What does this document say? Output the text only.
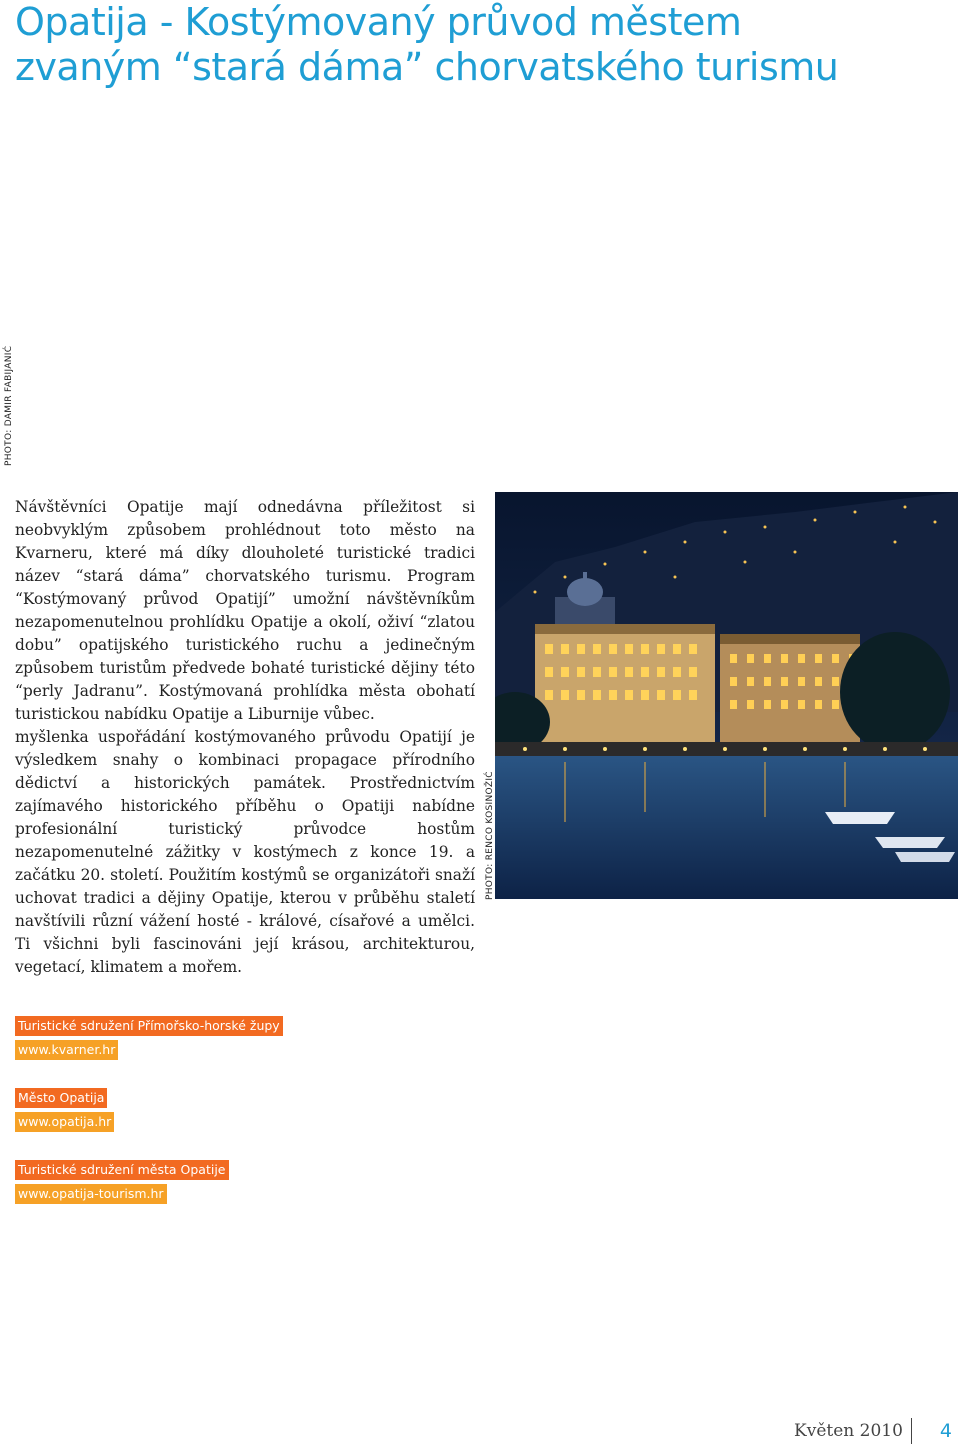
Opatija - Kostýmovaný průvod městem
zvaným “stará dáma” chorvatského turismu
PHOTO: DAMIR FABIJANIĆ

Návštěvníci Opatije mají odnedávna příležitost si neobvyklým způsobem prohlédnout toto město na Kvarneru, které má díky dlouholeté turistické tradici název “stará dáma” chorvatského turismu. Program “Kostýmovaný průvod Opatijí” umožní návštěvníkům nezapomenutelnou prohlídku Opatije a okolí, oživí “zlatou dobu” opatijského turistického ruchu a jedinečným způsobem turistům předvede bohaté turistické dějiny této “perly Jadranu”. Kostýmovaná prohlídka města obohatí turistickou nabídku Opatije a Liburnije vůbec.

myšlenka uspořádání kostýmovaného průvodu Opatijí je výsledkem snahy o kombinaci propagace přírodního dědictví a historických památek. Prostřednictvím zajímavého historického příběhu o Opatiji nabídne profesionální turistický průvodce hostům nezapomenutelné zážitky v kostýmech z konce 19. a začátku 20. století. Použitím kostýmů se organizátoři snaží uchovat tradici a dějiny Opatije, kterou v průběhu staletí navštívili různí vážení hosté - králové, císařové a umělci. Ti všichni byli fascinováni její krásou, architekturou, vegetací, klimatem a mořem.

PHOTO: RENCO KOSINOŽIĆ
Turistické sdružení Přímořsko-horské župy
www.kvarner.hr
Město Opatija
www.opatija.hr
Turistické sdružení města Opatije
www.opatija-tourism.hr
Květen 2010 4
